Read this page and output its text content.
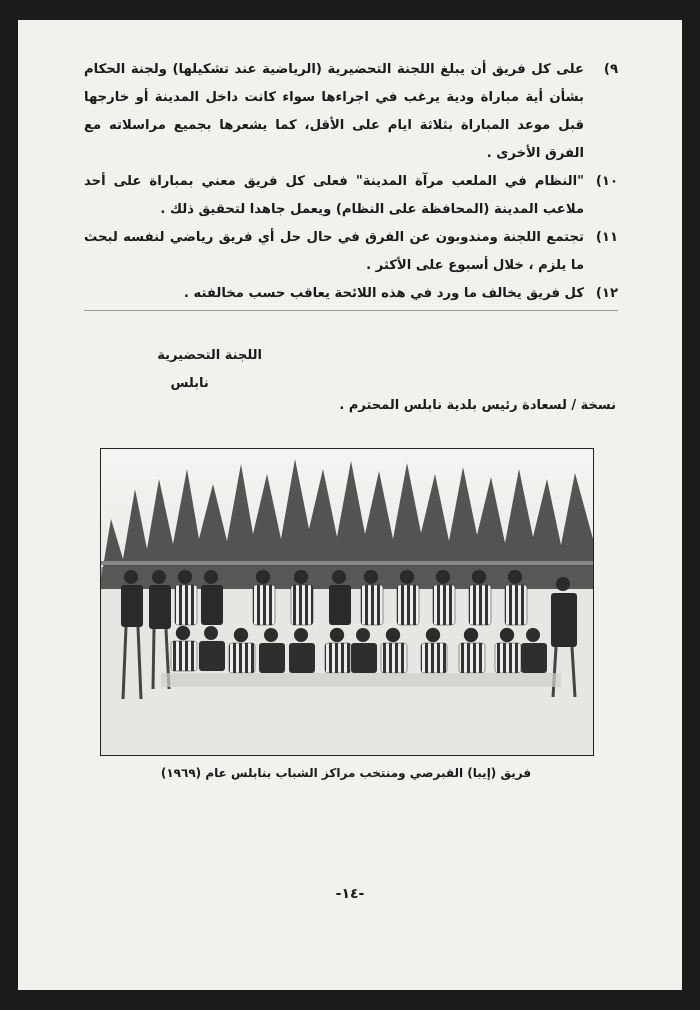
٩)
على كل فريق أن يبلغ اللجنة التحضيرية (الرياضية عند تشكيلها) ولجنة الحكام بشأن أية مباراة ودية يرغب في اجراءها سواء كانت داخل المدينة أو خارجها قبل موعد المباراة بثلاثة ايام على الأقل، كما يشعرها بجميع مراسلاته مع الفرق الأخرى .
١٠)
"النظام في الملعب مرآة المدينة" فعلى كل فريق معني بمباراة على أحد ملاعب المدينة (المحافظة على النظام) ويعمل جاهدا لتحقيق ذلك .
١١)
تجتمع اللجنة ومندوبون عن الفرق في حال حل أي فريق رياضي لنفسه لبحث ما يلزم ، خلال أسبوع على الأكثر .
١٢)
كل فريق يخالف ما ورد في هذه اللائحة يعاقب حسب مخالفته .
اللجنة التحضيرية
نابلس
نسخة / لسعادة رئيس بلدية نابلس المحترم .
فريق (إيبا) القبرصي ومنتخب مراكز الشباب بنابلس عام (١٩٦٩)
-١٤-
